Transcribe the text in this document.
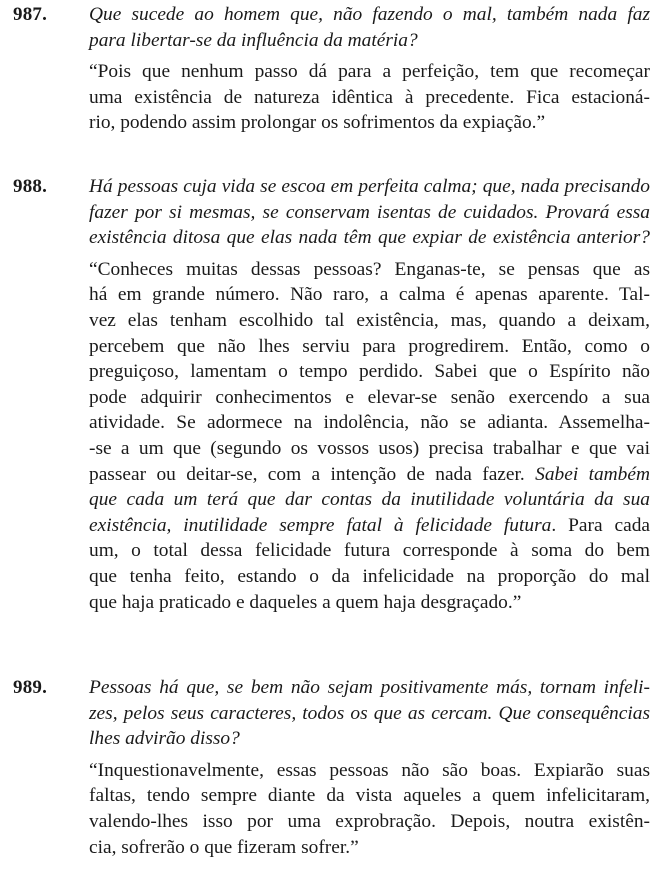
987. Que sucede ao homem que, não fazendo o mal, também nada faz
para libertar-se da influência da matéria?
“Pois que nenhum passo dá para a perfeição, tem que recomeçar
uma existência de natureza idêntica à precedente. Fica estacioná-
rio, podendo assim prolongar os sofrimentos da expiação.”
988. Há pessoas cuja vida se escoa em perfeita calma; que, nada precisando
fazer por si mesmas, se conservam isentas de cuidados. Provará essa
existência ditosa que elas nada têm que expiar de existência anterior?
“Conheces muitas dessas pessoas? Enganas-te, se pensas que as
há em grande número. Não raro, a calma é apenas aparente. Tal-
vez elas tenham escolhido tal existência, mas, quando a deixam,
percebem que não lhes serviu para progredirem. Então, como o
preguiçoso, lamentam o tempo perdido. Sabei que o Espírito não
pode adquirir conhecimentos e elevar-se senão exercendo a sua
atividade. Se adormece na indolência, não se adianta. Assemelha-
-se a um que (segundo os vossos usos) precisa trabalhar e que vai
passear ou deitar-se, com a intenção de nada fazer. Sabei também
que cada um terá que dar contas da inutilidade voluntária da sua
existência, inutilidade sempre fatal à felicidade futura. Para cada
um, o total dessa felicidade futura corresponde à soma do bem
que tenha feito, estando o da infelicidade na proporção do mal
que haja praticado e daqueles a quem haja desgraçado.”
989. Pessoas há que, se bem não sejam positivamente más, tornam infeli-
zes, pelos seus caracteres, todos os que as cercam. Que consequências
lhes advirão disso?
“Inquestionavelmente, essas pessoas não são boas. Expiarão suas
faltas, tendo sempre diante da vista aqueles a quem infelicitaram,
valendo-lhes isso por uma exprobração. Depois, noutra existên-
cia, sofrerão o que fizeram sofrer.”
